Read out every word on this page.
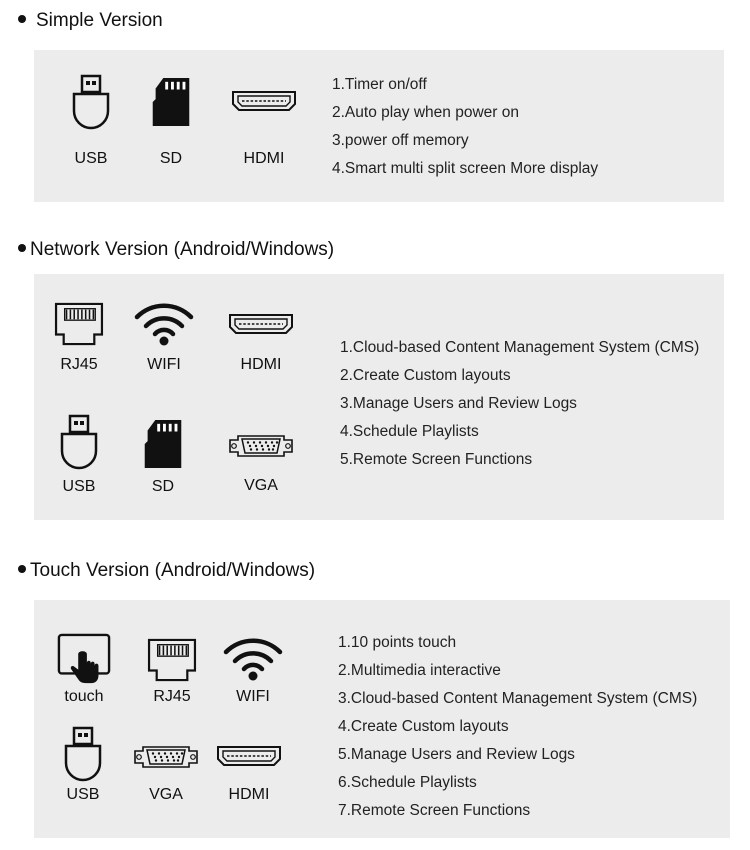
Simple Version
USB	SD	HDMI
1.Timer on/off
2.Auto play when power on
3.power off memory
4.Smart multi split screen More display
Network Version (Android/Windows)
RJ45	WIFI	HDMI
USB	SD	VGA
1.Cloud-based Content Management System (CMS)
2.Create Custom layouts
3.Manage Users and Review Logs
4.Schedule Playlists
5.Remote Screen Functions
Touch Version (Android/Windows)
touch	RJ45	WIFI
USB	VGA	HDMI
1.10 points touch
2.Multimedia interactive
3.Cloud-based Content Management System (CMS)
4.Create Custom layouts
5.Manage Users and Review Logs
6.Schedule Playlists
7.Remote Screen Functions
